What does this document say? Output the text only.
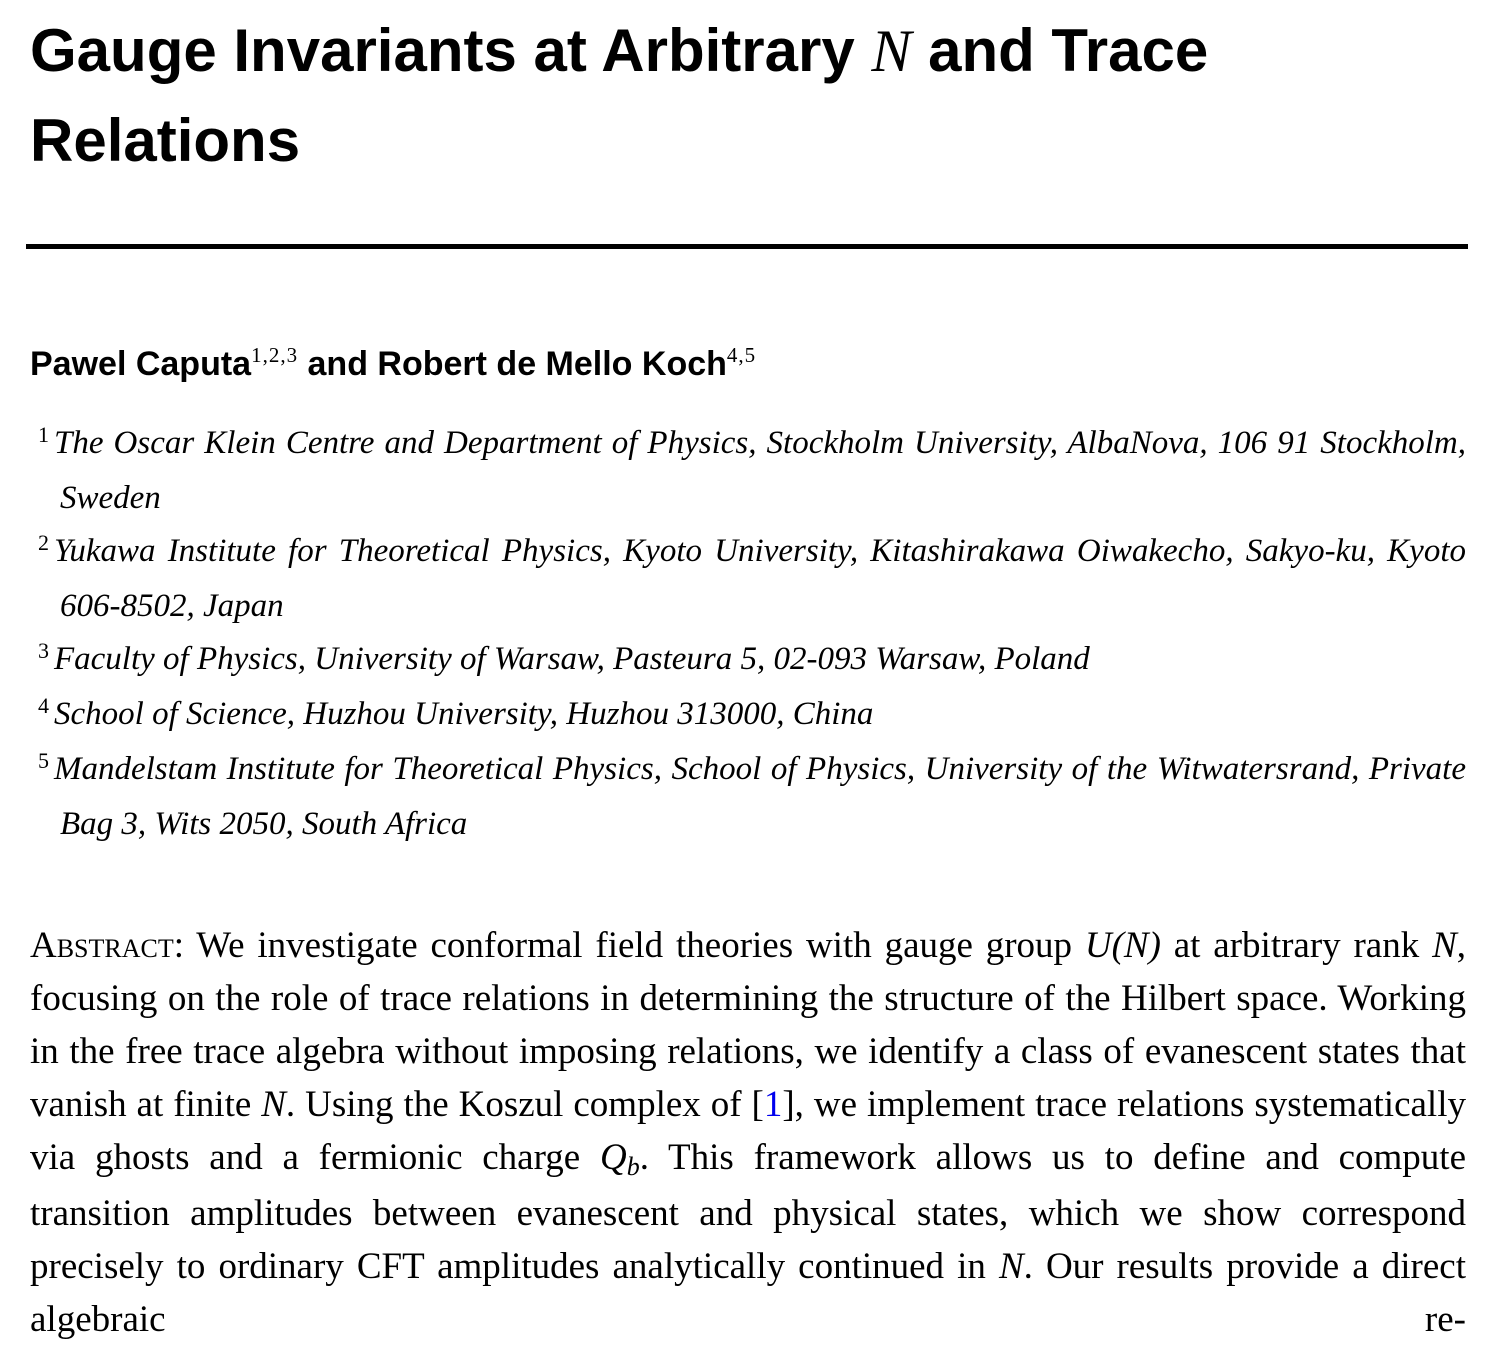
Gauge Invariants at Arbitrary N and Trace Relations
Pawel Caputa$^{1,2,3}$ and Robert de Mello Koch$^{4,5}$
$^1$ The Oscar Klein Centre and Department of Physics, Stockholm University, AlbaNova, 106 91 Stockholm, Sweden
$^2$ Yukawa Institute for Theoretical Physics, Kyoto University, Kitashirakawa Oiwakecho, Sakyo-ku, Kyoto 606-8502, Japan
$^3$ Faculty of Physics, University of Warsaw, Pasteura 5, 02-093 Warsaw, Poland
$^4$ School of Science, Huzhou University, Huzhou 313000, China
$^5$ Mandelstam Institute for Theoretical Physics, School of Physics, University of the Witwatersrand, Private Bag 3, Wits 2050, South Africa

Abstract: We investigate conformal field theories with gauge group U(N) at arbitrary rank N, focusing on the role of trace relations in determining the structure of the Hilbert space. Working in the free trace algebra without imposing relations, we identify a class of evanescent states that vanish at finite N. Using the Koszul complex of [1], we implement trace relations systematically via ghosts and a fermionic charge Qb. This framework allows us to define and compute transition amplitudes between evanescent and physical states, which we show correspond precisely to ordinary CFT amplitudes analytically continued in N. Our results provide a direct algebraic re-
